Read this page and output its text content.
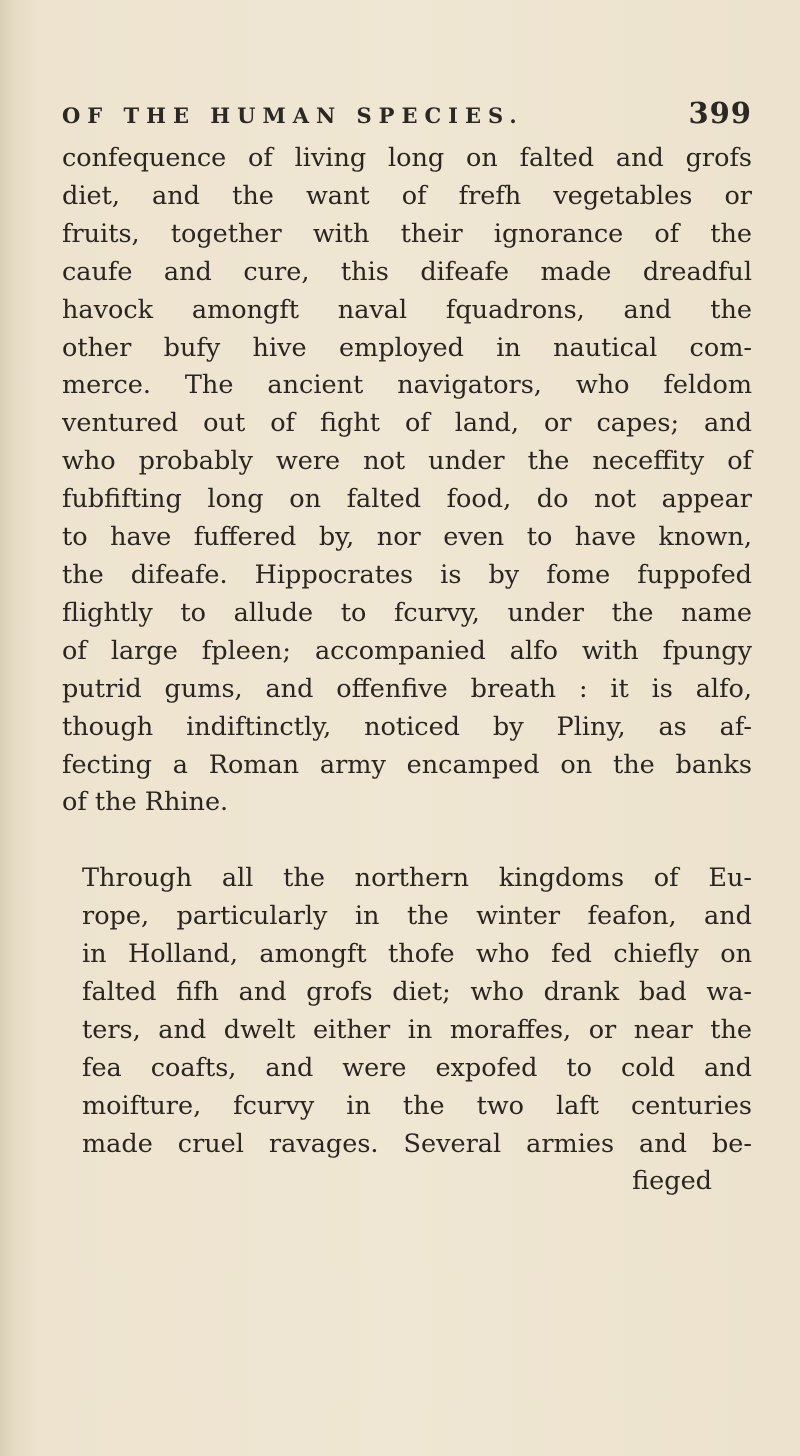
OF THE HUMAN SPECIES.	399
confequence of living long on falted and grofs
diet, and the want of frefh vegetables or
fruits, together with their ignorance of the
caufe and cure, this difeafe made dreadful
havock amongft naval fquadrons, and the
other bufy hive employed in nautical com-
merce. The ancient navigators, who feldom
ventured out of fight of land, or capes; and
who probably were not under the neceffity of
fubfifting long on falted food, do not appear
to have fuffered by, nor even to have known,
the difeafe. Hippocrates is by fome fuppofed
flightly to allude to fcurvy, under the name
of large fpleen; accompanied alfo with fpungy
putrid gums, and offenfive breath : it is alfo,
though indiftinctly, noticed by Pliny, as af-
fecting a Roman army encamped on the banks
of the Rhine.
Through all the northern kingdoms of Eu-
rope, particularly in the winter feafon, and
in Holland, amongft thofe who fed chiefly on
falted fifh and grofs diet; who drank bad wa-
ters, and dwelt either in moraffes, or near the
fea coafts, and were expofed to cold and
moifture, fcurvy in the two laft centuries
made cruel ravages. Several armies and be-
fieged
